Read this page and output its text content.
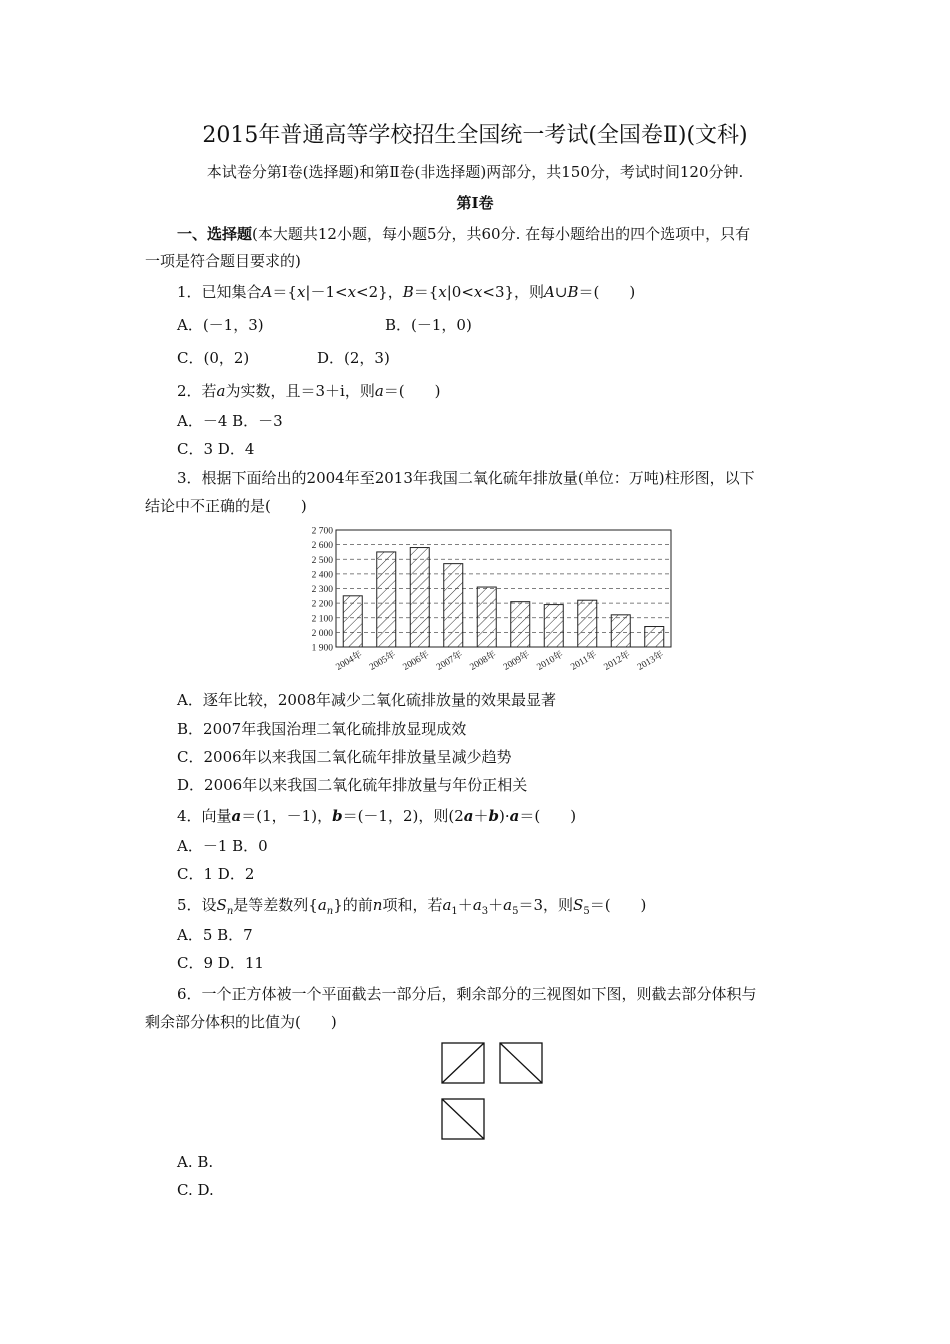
2015年普通高等学校招生全国统一考试(全国卷Ⅱ)(文科)
本试卷分第Ⅰ卷(选择题)和第Ⅱ卷(非选择题)两部分，共150分，考试时间120分钟.
第Ⅰ卷
一、选择题(本大题共12小题，每小题5分，共60分. 在每小题给出的四个选项中，只有
一项是符合题目要求的)
1．已知集合A＝{x|－1<x<2}，B＝{x|0<x<3}，则A∪B＝(　　)
A．(－1，3)	B．(－1，0)
C．(0，2)	D．(2，3)
2．若a为实数，且＝3＋i，则a＝(　　)
A．－4 B．－3
C．3 D．4
3．根据下面给出的2004年至2013年我国二氧化硫年排放量(单位：万吨)柱形图，以下
结论中不正确的是(　　)
1 900
2 000
2 100
2 200
2 300
2 400
2 500
2 600
2 700
2004年 2005年 2006年 2007年 2008年 2009年 2010年 2011年 2012年 2013年
A．逐年比较，2008年减少二氧化硫排放量的效果最显著
B．2007年我国治理二氧化硫排放显现成效
C．2006年以来我国二氧化硫年排放量呈减少趋势
D．2006年以来我国二氧化硫年排放量与年份正相关
4．向量a＝(1，－1)，b＝(－1，2)，则(2a＋b)·a＝(　　)
A．－1 B．0
C．1 D．2
5．设$S_n$是等差数列$\{a_n\}$的前n项和，若$a_1+a_3+a_5=3$，则$S_5=$(　　)
A．5 B．7
C．9 D．11
6．一个正方体被一个平面截去一部分后，剩余部分的三视图如下图，则截去部分体积与
剩余部分体积的比值为(　　)
A. B.
C. D.
